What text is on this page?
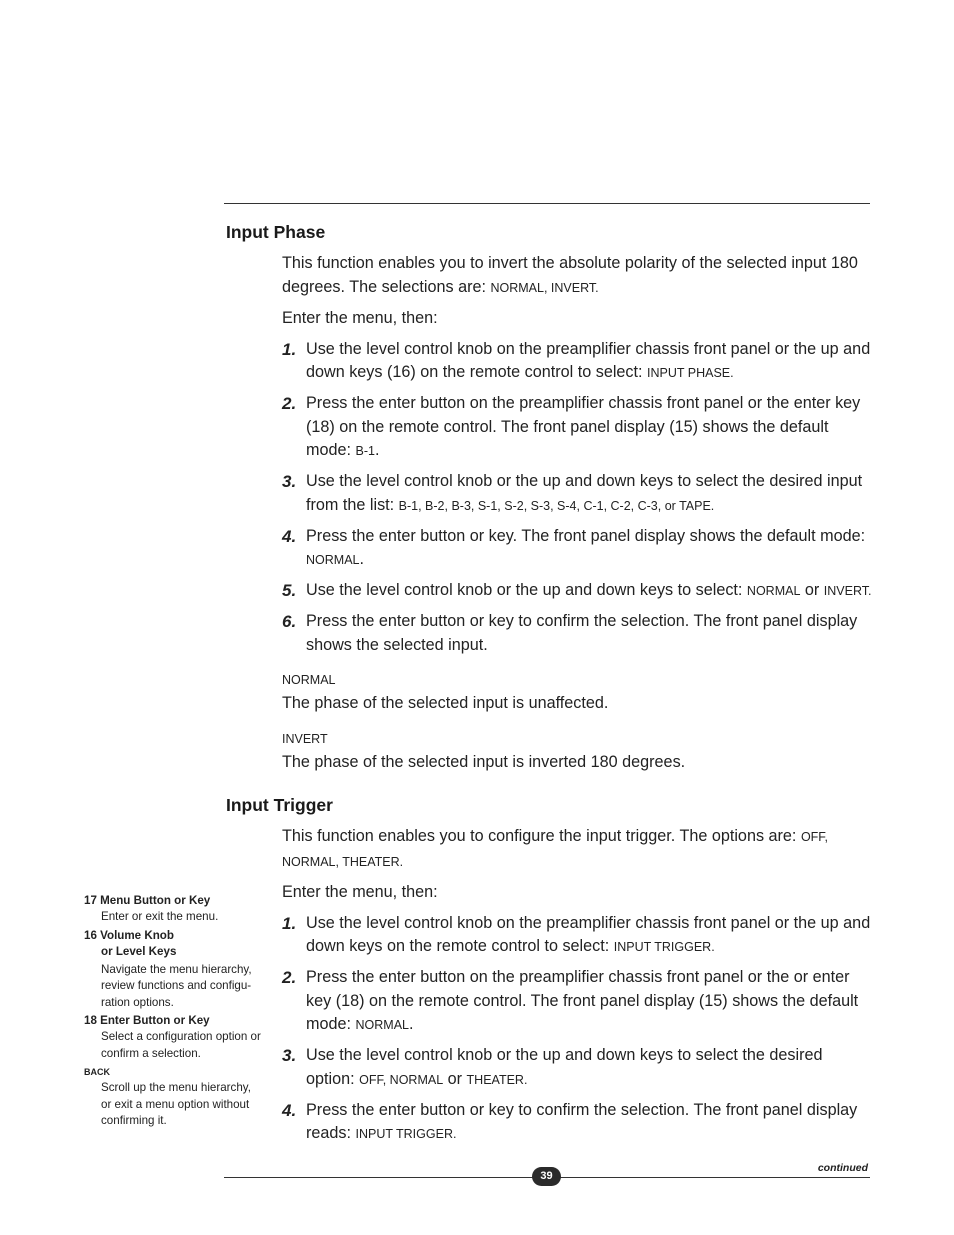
Input Phase

This function enables you to invert the absolute polarity of the selected input 180 degrees. The selections are: NORMAL, INVERT.

Enter the menu, then:

1. Use the level control knob on the preamplifier chassis front panel or the up and down keys (16) on the remote control to select: INPUT PHASE.
2. Press the enter button on the preamplifier chassis front panel or the enter key (18) on the remote control. The front panel display (15) shows the default mode: B-1.
3. Use the level control knob or the up and down keys to select the desired input from the list: B-1, B-2, B-3, S-1, S-2, S-3, S-4, C-1, C-2, C-3, or TAPE.
4. Press the enter button or key. The front panel display shows the default mode: NORMAL.
5. Use the level control knob or the up and down keys to select: NORMAL or INVERT.
6. Press the enter button or key to confirm the selection. The front panel display shows the selected input.
NORMAL

The phase of the selected input is unaffected.

INVERT

The phase of the selected input is inverted 180 degrees.

Input Trigger

This function enables you to configure the input trigger. The options are: OFF, NORMAL, THEATER.

Enter the menu, then:

1. Use the level control knob on the preamplifier chassis front panel or the up and down keys on the remote control to select: INPUT TRIGGER.
2. Press the enter button on the preamplifier chassis front panel or the or enter key (18) on the remote control. The front panel display (15) shows the default mode: NORMAL.
3. Use the level control knob or the up and down keys to select the desired option: OFF, NORMAL or THEATER.
4. Press the enter button or key to confirm the selection. The front panel display reads: INPUT TRIGGER.
17 Menu Button or Key
Enter or exit the menu.
16 Volume Knob
or Level Keys
Navigate the menu hierarchy, review functions and configu-ration options.
18 Enter Button or Key
Select a configuration option or confirm a selection.
BACK
Scroll up the menu hierarchy, or exit a menu option without confirming it.
continued
39
